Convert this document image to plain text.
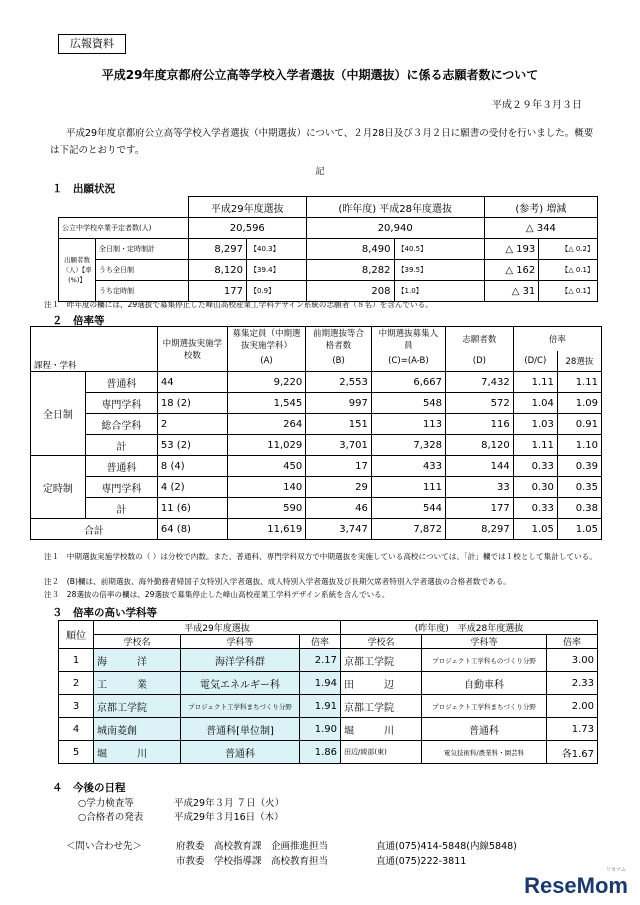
広報資料
平成29年度京都府公立高等学校入学者選抜（中期選抜）に係る志願者数について
平成２９年３月３日
平成29年度京都府公立高等学校入学者選抜（中期選抜）について、２月28日及び３月２日に願書の受付を行いました。概要は下記のとおりです。
記
１　出願状況
		平成29年度選抜		(昨年度) 平成28年度選抜		(参考) 増減	
公立中学校卒業予定者数(人)		20,596		20,940		△ 344	
出願者数（人）【率(%)】	全日制・定時制計	8,297	【40.3】	8,490	【40.5】	△ 193	【△ 0.2】
	うち全日制	8,120	【39.4】	8,282	【39.5】	△ 162	【△ 0.1】
	うち定時制	177	【0.9】	208	【1.0】	△ 31	【△ 0.1】
注１　昨年度の欄には、29選抜で募集停止した峰山高校産業工学科デザイン系統の志願者（８名）を含んでいる。
２　倍率等
課程・学科		中期選抜実施学校数	募集定員（中期選抜実施学科）	前期選抜等合格者数	中期選抜募集人員	志願者数	倍率	
			(A)	(B)	(C)=(A-B)	(D)	(D/C)	28選抜
全日制	普通科	44	9,220	2,553	6,667	7,432	1.11	1.11
	専門学科	18 (2)	1,545	997	548	572	1.04	1.09
	総合学科	2	264	151	113	116	1.03	0.91
	計	53 (2)	11,029	3,701	7,328	8,120	1.11	1.10
定時制	普通科	8 (4)	450	17	433	144	0.33	0.39
	専門学科	4 (2)	140	29	111	33	0.30	0.35
	計	11 (6)	590	46	544	177	0.33	0.38
合計		64 (8)	11,619	3,747	7,872	8,297	1.05	1.05
注１　中期選抜実施学校数の（ ）は分校で内数。また、普通科、専門学科双方で中期選抜を実施している高校については、「計」欄では１校として集計している。
注２　(B)欄は、前期選抜、海外勤務者帰国子女特別入学者選抜、成人特別入学者選抜及び長期欠席者特別入学者選抜の合格者数である。
注３　28選抜の倍率の欄は、29選抜で募集停止した峰山高校産業工学科デザイン系統を含んでいる。
３　倍率の高い学科等
順位	平成29年度選抜			(昨年度)　平成28年度選抜		
	学校名	学科等	倍率	学校名	学科等	倍率
1	海　　　洋	海洋学科群	2.17	京都工学院	プロジェクト工学科ものづくり分野	3.00
2	工　　　業	電気エネルギー科	1.94	田　　　辺	自動車科	2.33
3	京都工学院	プロジェクト工学科まちづくり分野	1.91	京都工学院	プロジェクト工学科まちづくり分野	2.00
4	城南菱創	普通科[単位制]	1.90	堀　　　川	普通科	1.73
5	堀　　　川	普通科	1.86	田辺/綾部(東)	電気技術科/農業科・園芸科	各1.67
４　今後の日程
○学力検査等	平成29年３月 ７日（火）
○合格者の発表	平成29年３月16日（木）
＜問い合わせ先＞	府教委　高校教育課　企画推進担当	直通(075)414-5848(内線5848)
市教委　学校指導課　高校教育担当	直通(075)222-3811
リセマム
ReseMom
